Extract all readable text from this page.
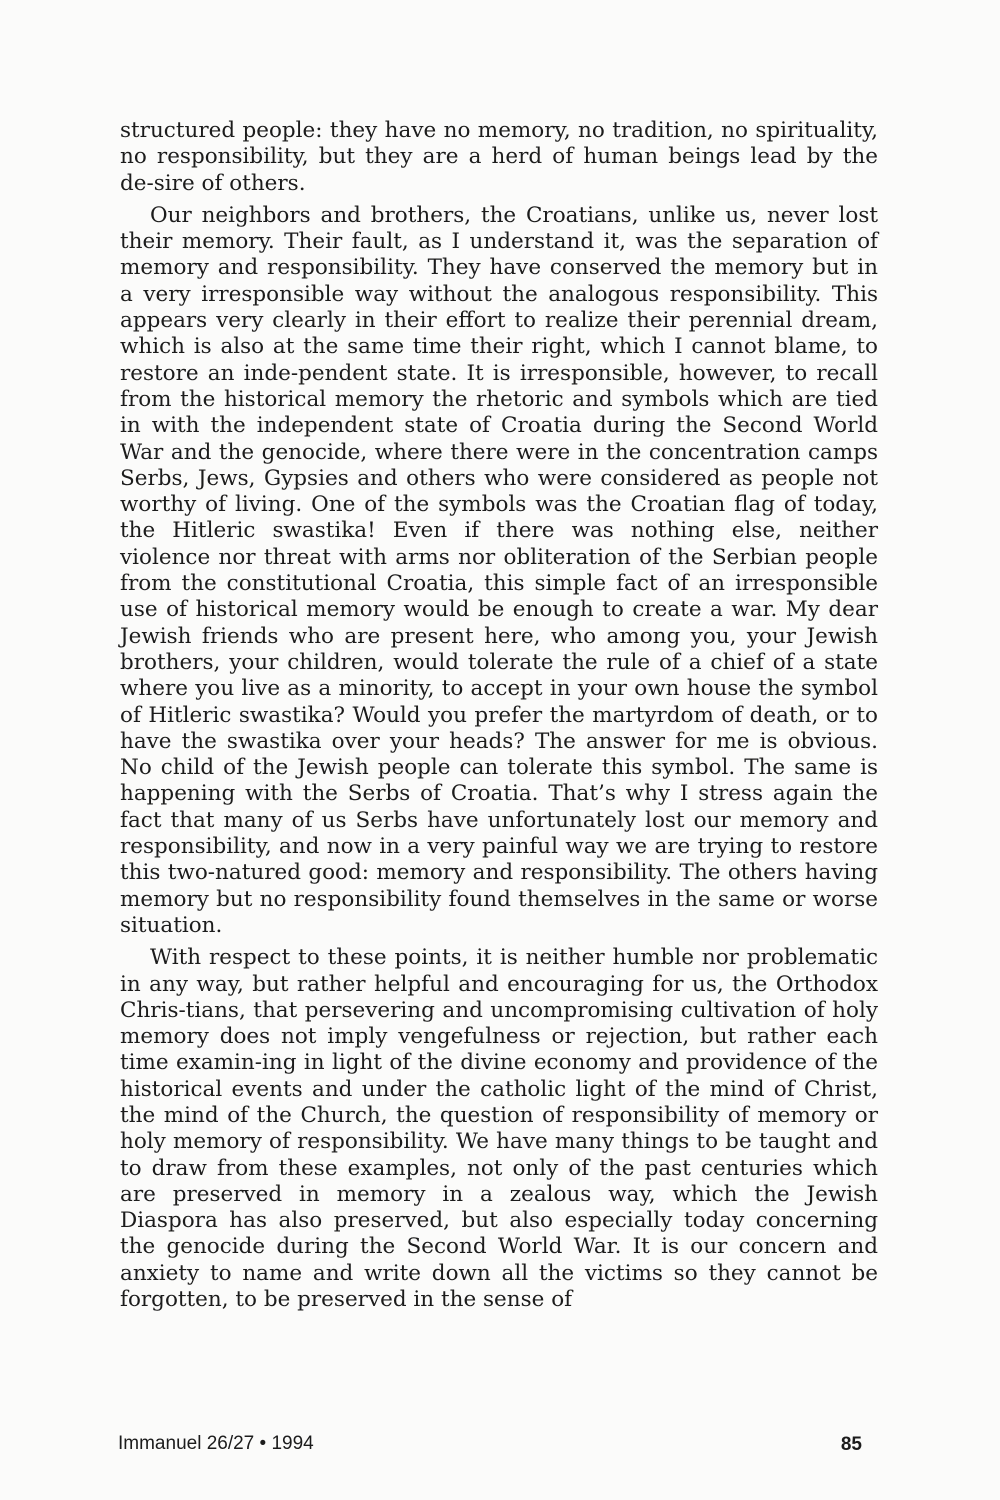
structured people: they have no memory, no tradition, no spirituality, no responsibility, but they are a herd of human beings lead by the de-sire of others.

Our neighbors and brothers, the Croatians, unlike us, never lost their memory. Their fault, as I understand it, was the separation of memory and responsibility. They have conserved the memory but in a very irresponsible way without the analogous responsibility. This appears very clearly in their effort to realize their perennial dream, which is also at the same time their right, which I cannot blame, to restore an inde-pendent state. It is irresponsible, however, to recall from the historical memory the rhetoric and symbols which are tied in with the independent state of Croatia during the Second World War and the genocide, where there were in the concentration camps Serbs, Jews, Gypsies and others who were considered as people not worthy of living. One of the symbols was the Croatian flag of today, the Hitleric swastika! Even if there was nothing else, neither violence nor threat with arms nor obliteration of the Serbian people from the constitutional Croatia, this simple fact of an irresponsible use of historical memory would be enough to create a war. My dear Jewish friends who are present here, who among you, your Jewish brothers, your children, would tolerate the rule of a chief of a state where you live as a minority, to accept in your own house the symbol of Hitleric swastika? Would you prefer the martyrdom of death, or to have the swastika over your heads? The answer for me is obvious. No child of the Jewish people can tolerate this symbol. The same is happening with the Serbs of Croatia. That’s why I stress again the fact that many of us Serbs have unfortunately lost our memory and responsibility, and now in a very painful way we are trying to restore this two-natured good: memory and responsibility. The others having memory but no responsibility found themselves in the same or worse situation.

With respect to these points, it is neither humble nor problematic in any way, but rather helpful and encouraging for us, the Orthodox Chris-tians, that persevering and uncompromising cultivation of holy memory does not imply vengefulness or rejection, but rather each time examin-ing in light of the divine economy and providence of the historical events and under the catholic light of the mind of Christ, the mind of the Church, the question of responsibility of memory or holy memory of responsibility. We have many things to be taught and to draw from these examples, not only of the past centuries which are preserved in memory in a zealous way, which the Jewish Diaspora has also preserved, but also especially today concerning the genocide during the Second World War. It is our concern and anxiety to name and write down all the victims so they cannot be forgotten, to be preserved in the sense of

Immanuel 26/27 • 1994	85
